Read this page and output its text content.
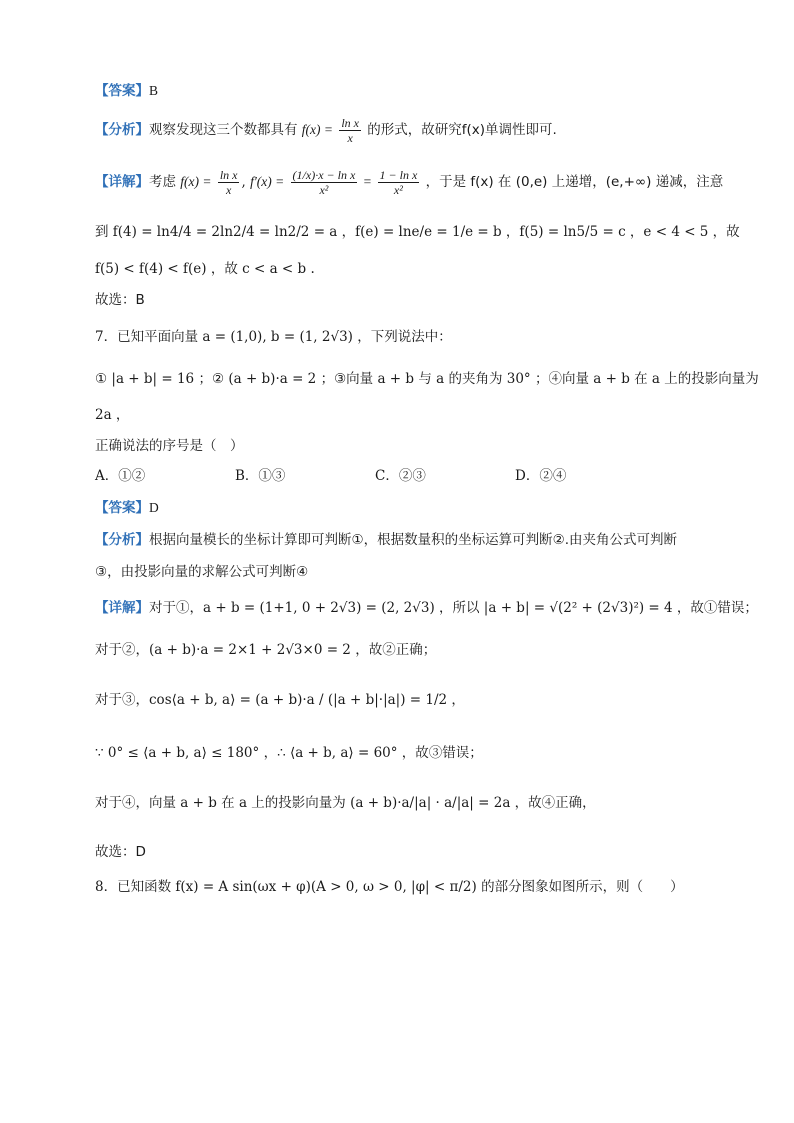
【答案】B
【分析】观察发现这三个数都具有 $f(x) = \frac{\text{ln x}}{x}$ 的形式，故研究f(x)单调性即可.
【详解】考虑 $f(x) = \frac{\text{ln x}}{x}$ , $f'(x) = \frac{\text{(1/x)·x − ln x}}{\text{x²}} = \frac{\text{1 − ln x}}{\text{x²}}$ ，于是 f(x) 在 (0,e) 上递增，(e,+∞) 递减，注意
到 f(4) = ln4/4 = 2ln2/4 = ln2/2 = a ，f(e) = lne/e = 1/e = b ，f(5) = ln5/5 = c ，e < 4 < 5 ，故
f(5) < f(4) < f(e) ，故 c < a < b .
故选：B
7．已知平面向量 a = (1,0), b = (1, 2√3) ，下列说法中：
① |a + b| = 16 ；② (a + b)·a = 2 ；③向量 a + b 与 a 的夹角为 30° ；④向量 a + b 在 a 上的投影向量为
2a ，
正确说法的序号是（　）
A．①②	B．①③	C．②③	D．②④
【答案】D
【分析】根据向量模长的坐标计算即可判断①，根据数量积的坐标运算可判断②.由夹角公式可判断
③，由投影向量的求解公式可判断④
【详解】对于①，a + b = (1+1, 0 + 2√3) = (2, 2√3) ，所以 |a + b| = √(2² + (2√3)²) = 4 ，故①错误；
对于②，(a + b)·a = 2×1 + 2√3×0 = 2 ，故②正确；
对于③，cos⟨a + b, a⟩ = (a + b)·a / (|a + b|·|a|) = 1/2 ，
∵ 0° ≤ ⟨a + b, a⟩ ≤ 180° ，∴ ⟨a + b, a⟩ = 60° ，故③错误；
对于④，向量 a + b 在 a 上的投影向量为 (a + b)·a/|a| · a/|a| = 2a ，故④正确，
故选：D
8．已知函数 f(x) = A sin(ωx + φ)(A > 0, ω > 0, |φ| < π/2) 的部分图象如图所示，则（　　）
